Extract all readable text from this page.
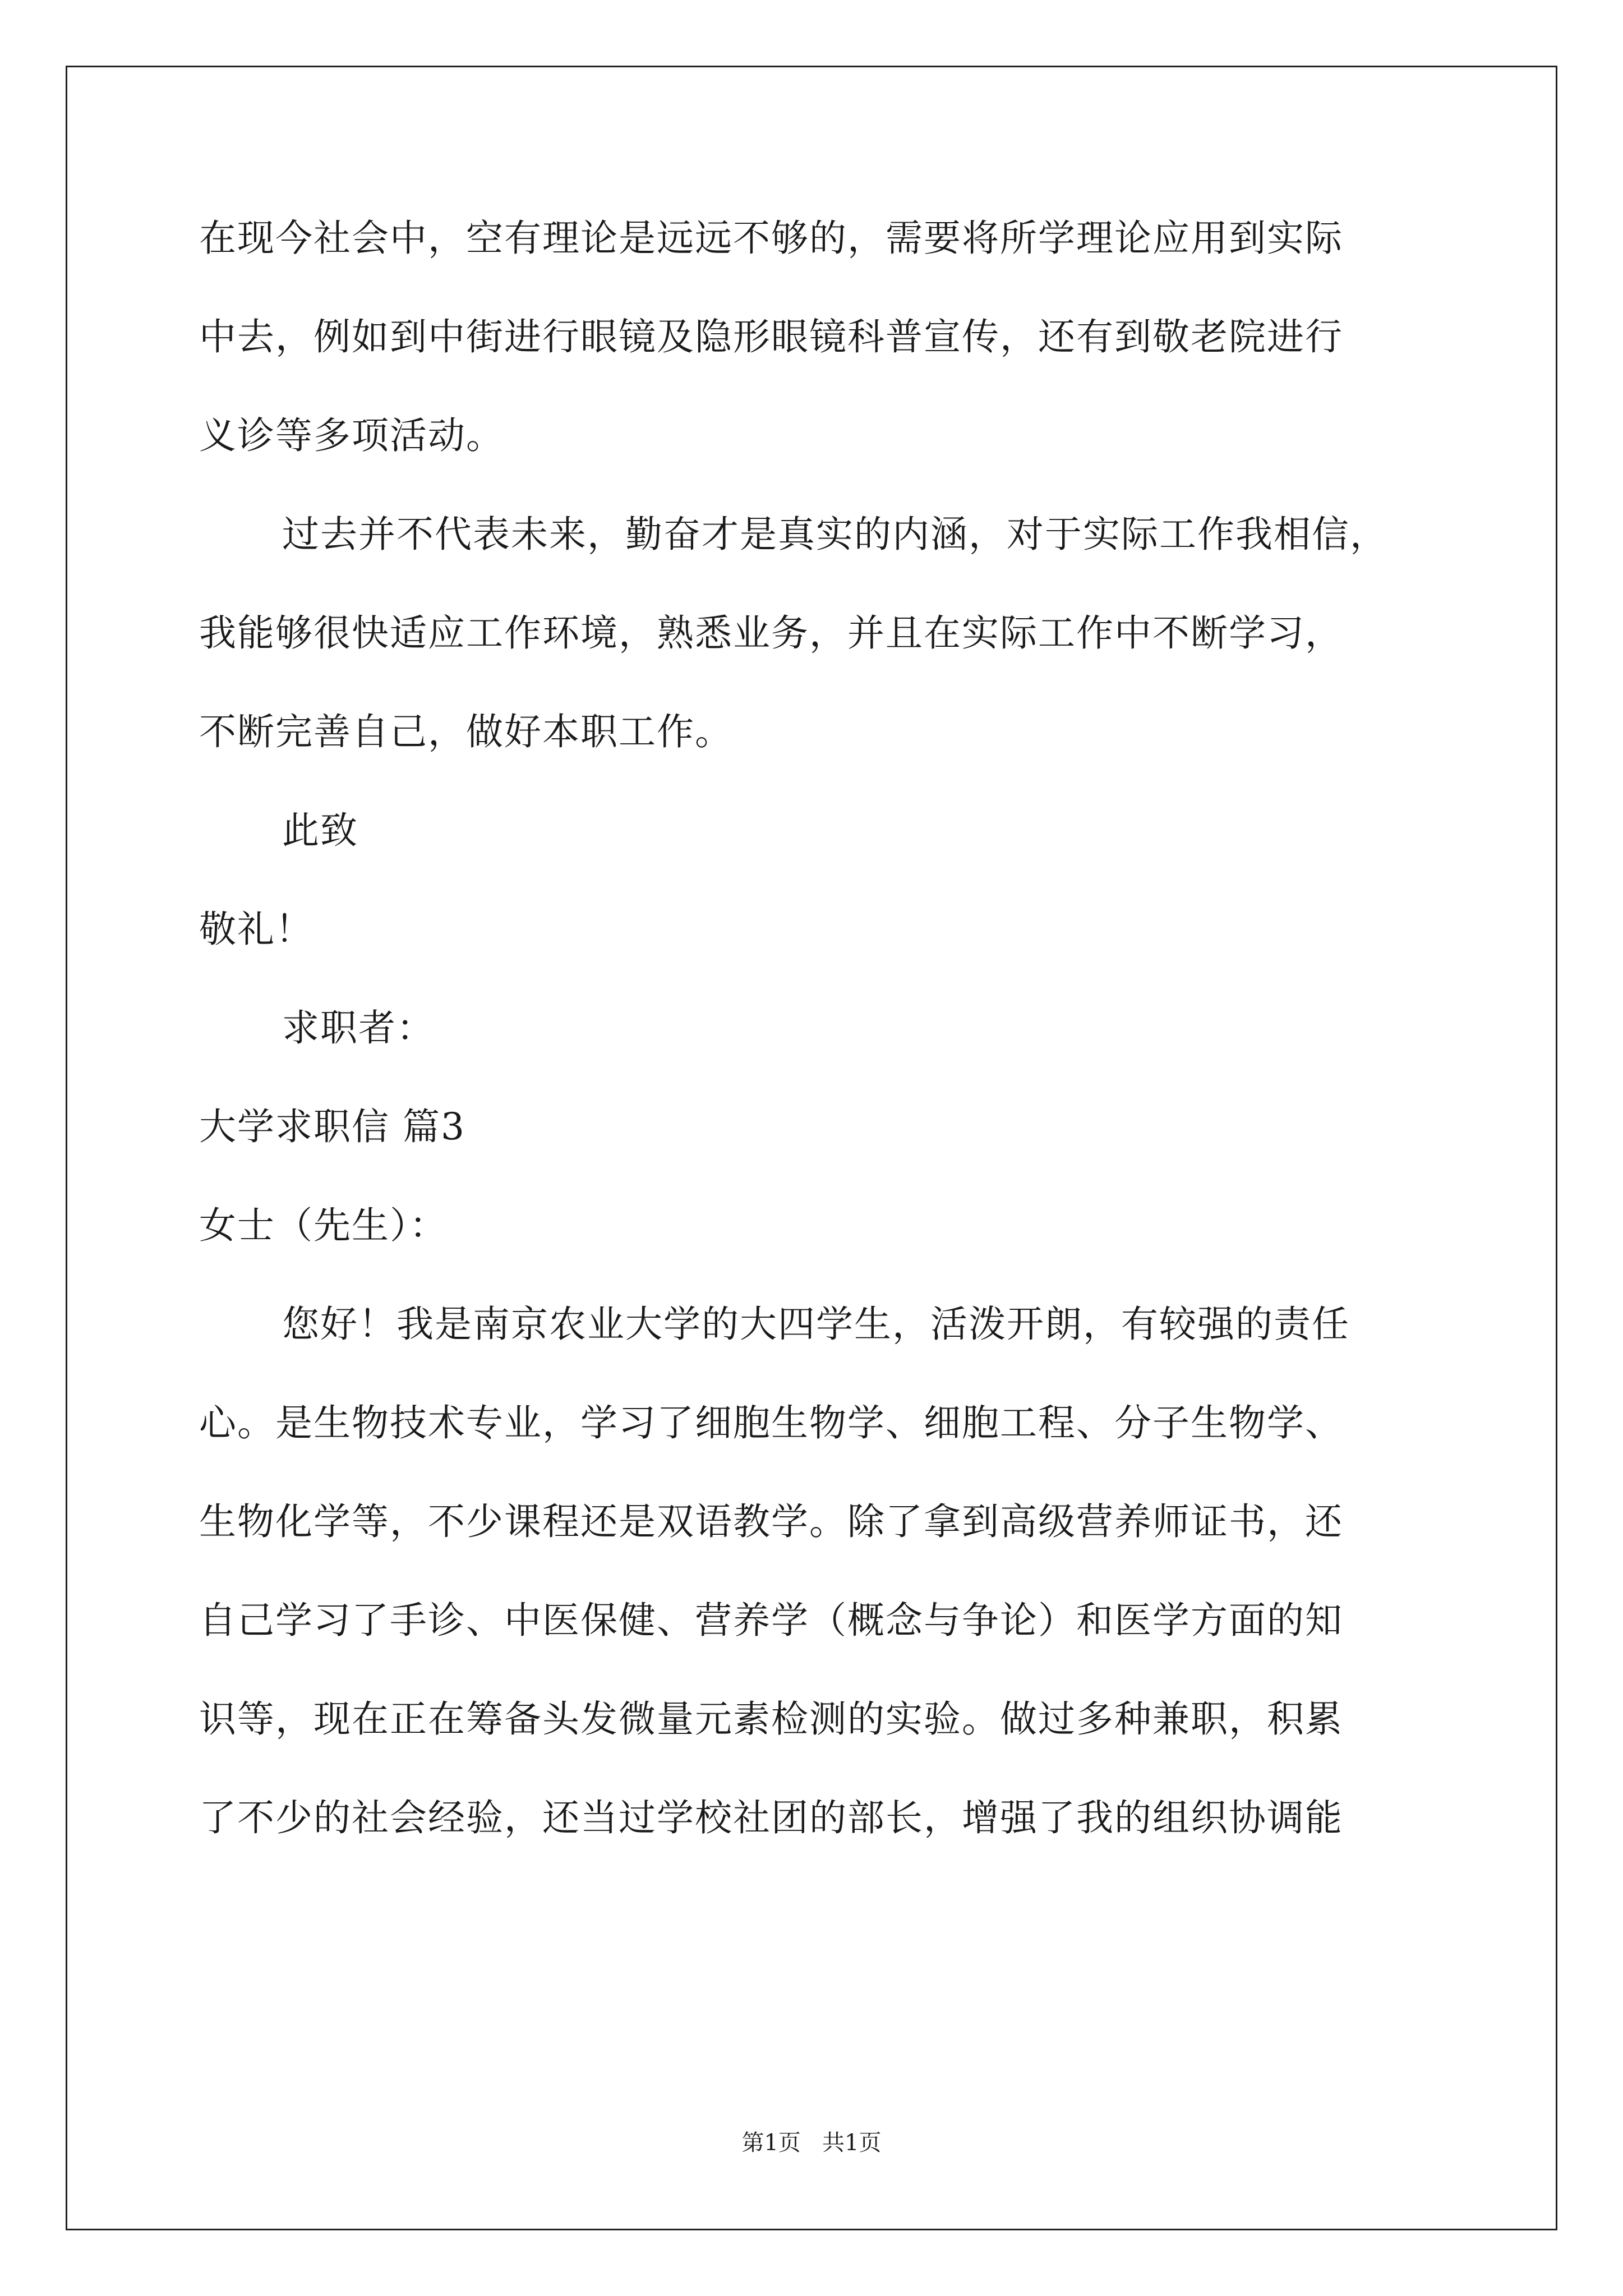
在现今社会中，空有理论是远远不够的，需要将所学理论应用到实际
中去，例如到中街进行眼镜及隐形眼镜科普宣传，还有到敬老院进行
义诊等多项活动。
过去并不代表未来，勤奋才是真实的内涵，对于实际工作我相信，
我能够很快适应工作环境，熟悉业务，并且在实际工作中不断学习，
不断完善自己，做好本职工作。
此致
敬礼！
求职者：
大学求职信 篇3
女士（先生）：
您好！我是南京农业大学的大四学生，活泼开朗，有较强的责任
心。是生物技术专业，学习了细胞生物学、细胞工程、分子生物学、
生物化学等，不少课程还是双语教学。除了拿到高级营养师证书，还
自己学习了手诊、中医保健、营养学（概念与争论）和医学方面的知
识等，现在正在筹备头发微量元素检测的实验。做过多种兼职，积累
了不少的社会经验，还当过学校社团的部长，增强了我的组织协调能
第1页   共1页
